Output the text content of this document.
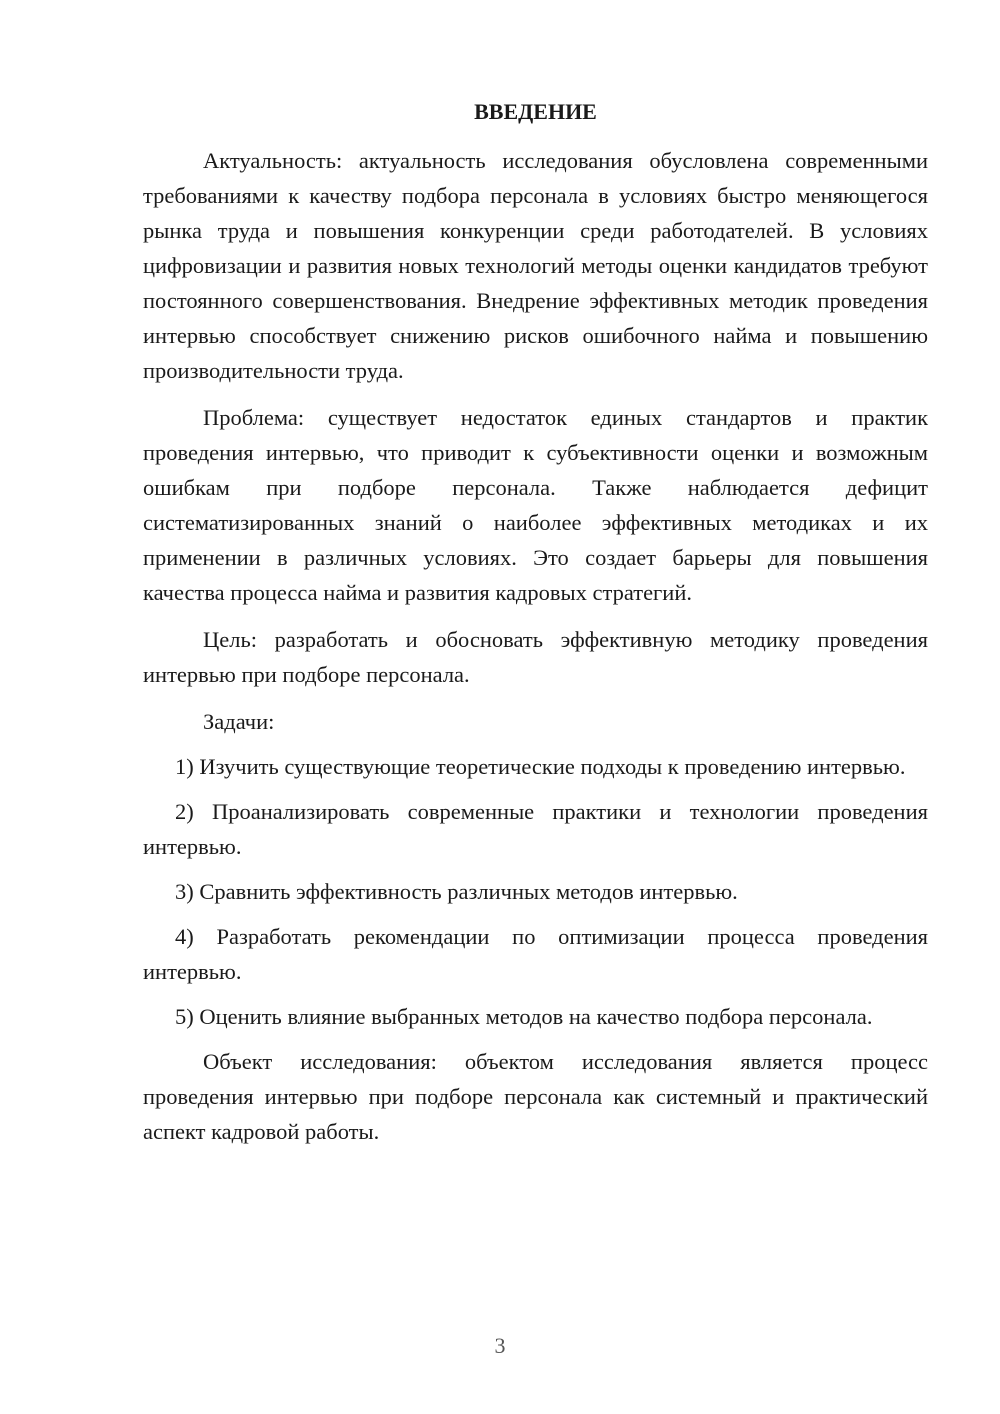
ВВЕДЕНИЕ

Актуальность: актуальность исследования обусловлена современными требованиями к качеству подбора персонала в условиях быстро меняющегося рынка труда и повышения конкуренции среди работодателей. В условиях цифровизации и развития новых технологий методы оценки кандидатов требуют постоянного совершенствования. Внедрение эффективных методик проведения интервью способствует снижению рисков ошибочного найма и повышению производительности труда.

Проблема: существует недостаток единых стандартов и практик проведения интервью, что приводит к субъективности оценки и возможным ошибкам при подборе персонала. Также наблюдается дефицит систематизированных знаний о наиболее эффективных методиках и их применении в различных условиях. Это создает барьеры для повышения качества процесса найма и развития кадровых стратегий.

Цель: разработать и обосновать эффективную методику проведения интервью при подборе персонала.

Задачи:

1) Изучить существующие теоретические подходы к проведению интервью.

2) Проанализировать современные практики и технологии проведения интервью.

3) Сравнить эффективность различных методов интервью.

4) Разработать рекомендации по оптимизации процесса проведения интервью.

5) Оценить влияние выбранных методов на качество подбора персонала.

Объект исследования: объектом исследования является процесс проведения интервью при подборе персонала как системный и практический аспект кадровой работы.

3
